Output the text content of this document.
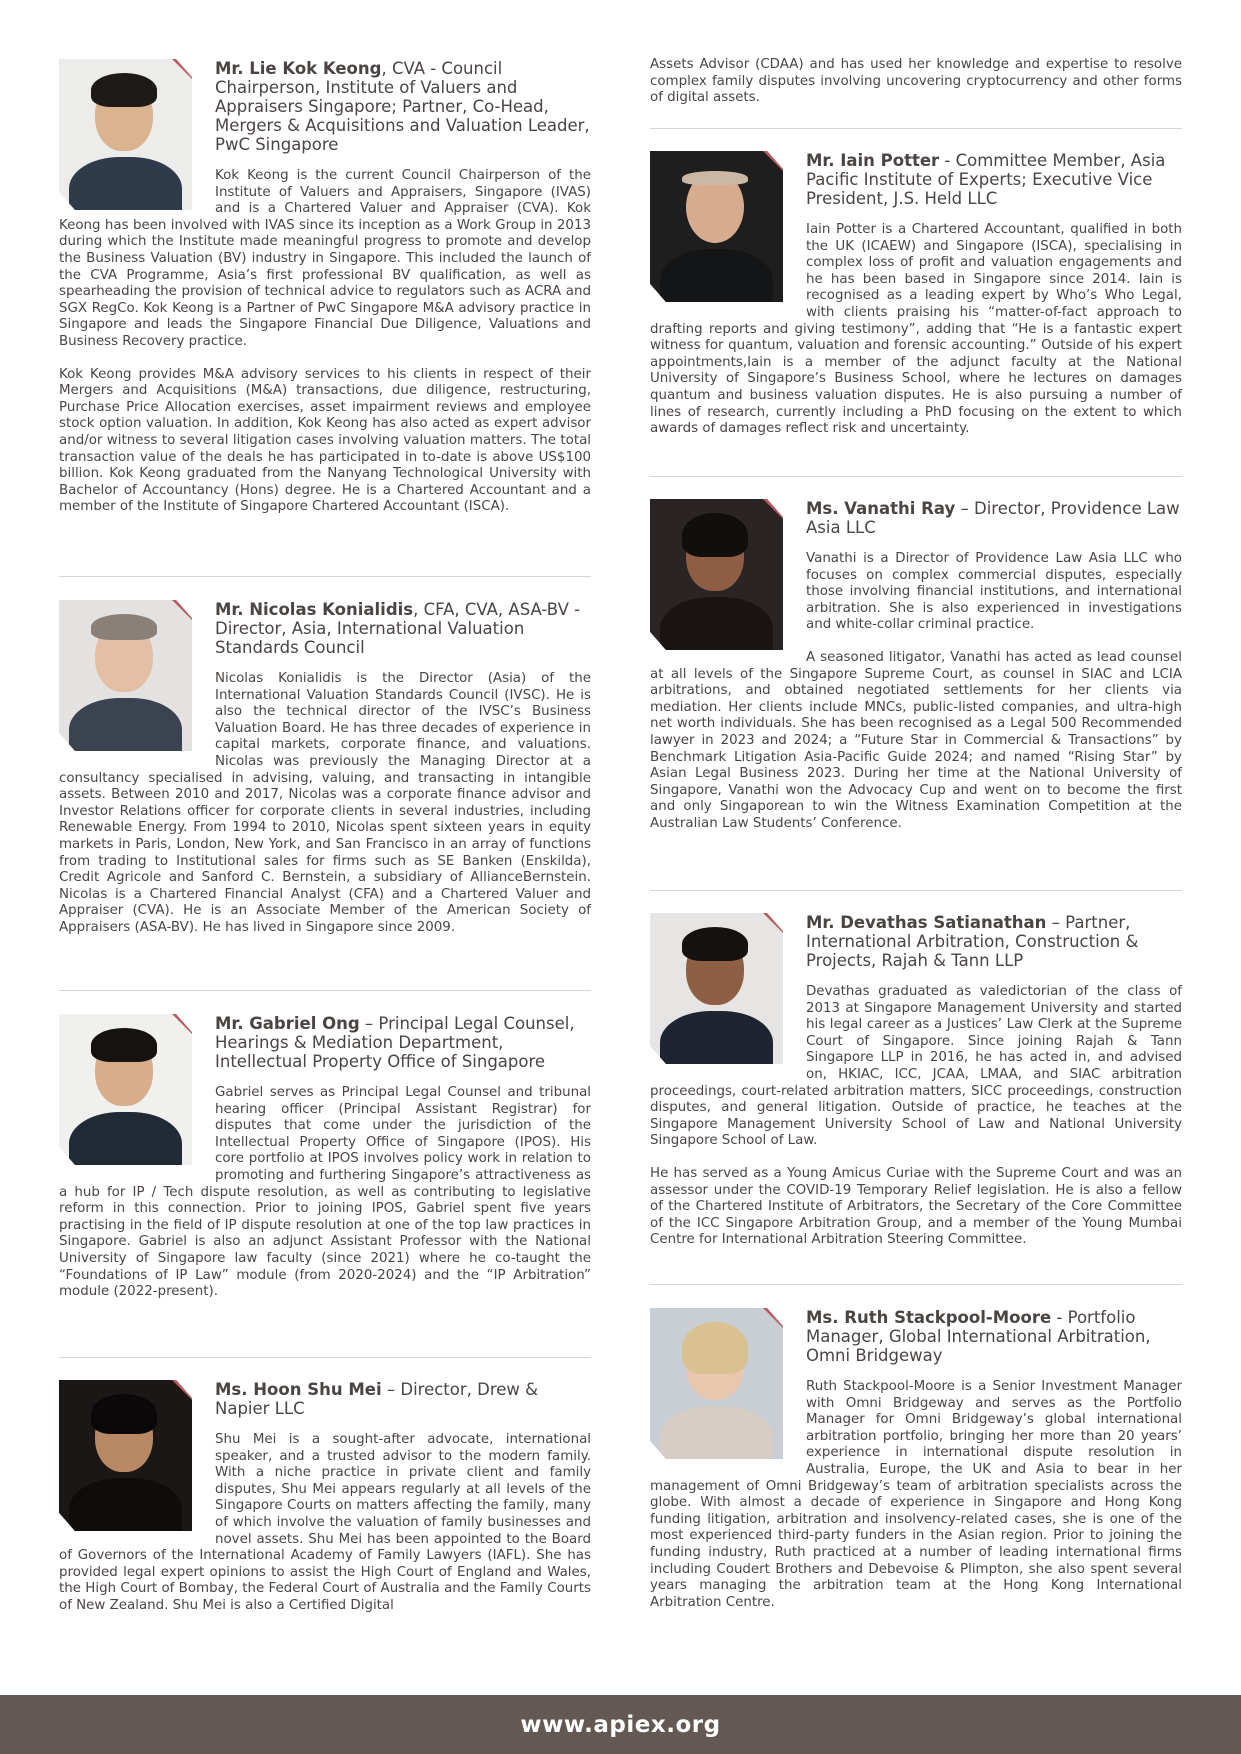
Mr. Lie Kok Keong, CVA - Council Chairperson, Institute of Valuers and Appraisers Singapore; Partner, Co-Head, Mergers & Acquisitions and Valuation Leader, PwC Singapore

Kok Keong is the current Council Chairperson of the Institute of Valuers and Appraisers, Singapore (IVAS) and is a Chartered Valuer and Appraiser (CVA). Kok Keong has been involved with IVAS since its inception as a Work Group in 2013 during which the Institute made meaningful progress to promote and develop the Business Valuation (BV) industry in Singapore. This included the launch of the CVA Programme, Asia’s first professional BV qualification, as well as spearheading the provision of technical advice to regulators such as ACRA and SGX RegCo. Kok Keong is a Partner of PwC Singapore M&A advisory practice in Singapore and leads the Singapore Financial Due Diligence, Valuations and Business Recovery practice.

Kok Keong provides M&A advisory services to his clients in respect of their Mergers and Acquisitions (M&A) transactions, due diligence, restructuring, Purchase Price Allocation exercises, asset impairment reviews and employee stock option valuation. In addition, Kok Keong has also acted as expert advisor and/or witness to several litigation cases involving valuation matters. The total transaction value of the deals he has participated in to-date is above US$100 billion. Kok Keong graduated from the Nanyang Technological University with Bachelor of Accountancy (Hons) degree. He is a Chartered Accountant and a member of the Institute of Singapore Chartered Accountant (ISCA).

Mr. Nicolas Konialidis, CFA, CVA, ASA-BV - Director, Asia, International Valuation Standards Council

Nicolas Konialidis is the Director (Asia) of the International Valuation Standards Council (IVSC). He is also the technical director of the IVSC’s Business Valuation Board. He has three decades of experience in capital markets, corporate finance, and valuations. Nicolas was previously the Managing Director at a consultancy specialised in advising, valuing, and transacting in intangible assets. Between 2010 and 2017, Nicolas was a corporate finance advisor and Investor Relations officer for corporate clients in several industries, including Renewable Energy. From 1994 to 2010, Nicolas spent sixteen years in equity markets in Paris, London, New York, and San Francisco in an array of functions from trading to Institutional sales for firms such as SE Banken (Enskilda), Credit Agricole and Sanford C. Bernstein, a subsidiary of AllianceBernstein. Nicolas is a Chartered Financial Analyst (CFA) and a Chartered Valuer and Appraiser (CVA). He is an Associate Member of the American Society of Appraisers (ASA-BV). He has lived in Singapore since 2009.

Mr. Gabriel Ong – Principal Legal Counsel, Hearings & Mediation Department, Intellectual Property Office of Singapore

Gabriel serves as Principal Legal Counsel and tribunal hearing officer (Principal Assistant Registrar) for disputes that come under the jurisdiction of the Intellectual Property Office of Singapore (IPOS). His core portfolio at IPOS involves policy work in relation to promoting and furthering Singapore’s attractiveness as a hub for IP / Tech dispute resolution, as well as contributing to legislative reform in this connection. Prior to joining IPOS, Gabriel spent five years practising in the field of IP dispute resolution at one of the top law practices in Singapore. Gabriel is also an adjunct Assistant Professor with the National University of Singapore law faculty (since 2021) where he co-taught the “Foundations of IP Law” module (from 2020-2024) and the “IP Arbitration” module (2022-present).

Ms. Hoon Shu Mei – Director, Drew & Napier LLC

Shu Mei is a sought-after advocate, international speaker, and a trusted advisor to the modern family. With a niche practice in private client and family disputes, Shu Mei appears regularly at all levels of the Singapore Courts on matters affecting the family, many of which involve the valuation of family businesses and novel assets. Shu Mei has been appointed to the Board of Governors of the International Academy of Family Lawyers (IAFL). She has provided legal expert opinions to assist the High Court of England and Wales, the High Court of Bombay, the Federal Court of Australia and the Family Courts of New Zealand. Shu Mei is also a Certified Digital

Assets Advisor (CDAA) and has used her knowledge and expertise to resolve complex family disputes involving uncovering cryptocurrency and other forms of digital assets.

Mr. Iain Potter - Committee Member, Asia Pacific Institute of Experts; Executive Vice President, J.S. Held LLC

Iain Potter is a Chartered Accountant, qualified in both the UK (ICAEW) and Singapore (ISCA), specialising in complex loss of profit and valuation engagements and he has been based in Singapore since 2014. Iain is recognised as a leading expert by Who’s Who Legal, with clients praising his “matter-of-fact approach to drafting reports and giving testimony”, adding that “He is a fantastic expert witness for quantum, valuation and forensic accounting.” Outside of his expert appointments,Iain is a member of the adjunct faculty at the National University of Singapore’s Business School, where he lectures on damages quantum and business valuation disputes. He is also pursuing a number of lines of research, currently including a PhD focusing on the extent to which awards of damages reflect risk and uncertainty.

Ms. Vanathi Ray – Director, Providence Law Asia LLC

Vanathi is a Director of Providence Law Asia LLC who focuses on complex commercial disputes, especially those involving financial institutions, and international arbitration. She is also experienced in investigations and white-collar criminal practice.

A seasoned litigator, Vanathi has acted as lead counsel at all levels of the Singapore Supreme Court, as counsel in SIAC and LCIA arbitrations, and obtained negotiated settlements for her clients via mediation. Her clients include MNCs, public-listed companies, and ultra-high net worth individuals. She has been recognised as a Legal 500 Recommended lawyer in 2023 and 2024; a “Future Star in Commercial & Transactions” by Benchmark Litigation Asia-Pacific Guide 2024; and named “Rising Star” by Asian Legal Business 2023. During her time at the National University of Singapore, Vanathi won the Advocacy Cup and went on to become the first and only Singaporean to win the Witness Examination Competition at the Australian Law Students’ Conference.

Mr. Devathas Satianathan – Partner, International Arbitration, Construction & Projects, Rajah & Tann LLP

Devathas graduated as valedictorian of the class of 2013 at Singapore Management University and started his legal career as a Justices’ Law Clerk at the Supreme Court of Singapore. Since joining Rajah & Tann Singapore LLP in 2016, he has acted in, and advised on, HKIAC, ICC, JCAA, LMAA, and SIAC arbitration proceedings, court-related arbitration matters, SICC proceedings, construction disputes, and general litigation. Outside of practice, he teaches at the Singapore Management University School of Law and National University Singapore School of Law.

He has served as a Young Amicus Curiae with the Supreme Court and was an assessor under the COVID-19 Temporary Relief legislation. He is also a fellow of the Chartered Institute of Arbitrators, the Secretary of the Core Committee of the ICC Singapore Arbitration Group, and a member of the Young Mumbai Centre for International Arbitration Steering Committee.

Ms. Ruth Stackpool-Moore - Portfolio Manager, Global International Arbitration, Omni Bridgeway

Ruth Stackpool-Moore is a Senior Investment Manager with Omni Bridgeway and serves as the Portfolio Manager for Omni Bridgeway’s global international arbitration portfolio, bringing her more than 20 years’ experience in international dispute resolution in Australia, Europe, the UK and Asia to bear in her management of Omni Bridgeway’s team of arbitration specialists across the globe. With almost a decade of experience in Singapore and Hong Kong funding litigation, arbitration and insolvency-related cases, she is one of the most experienced third-party funders in the Asian region. Prior to joining the funding industry, Ruth practiced at a number of leading international firms including Coudert Brothers and Debevoise & Plimpton, she also spent several years managing the arbitration team at the Hong Kong International Arbitration Centre.

www.apiex.org
